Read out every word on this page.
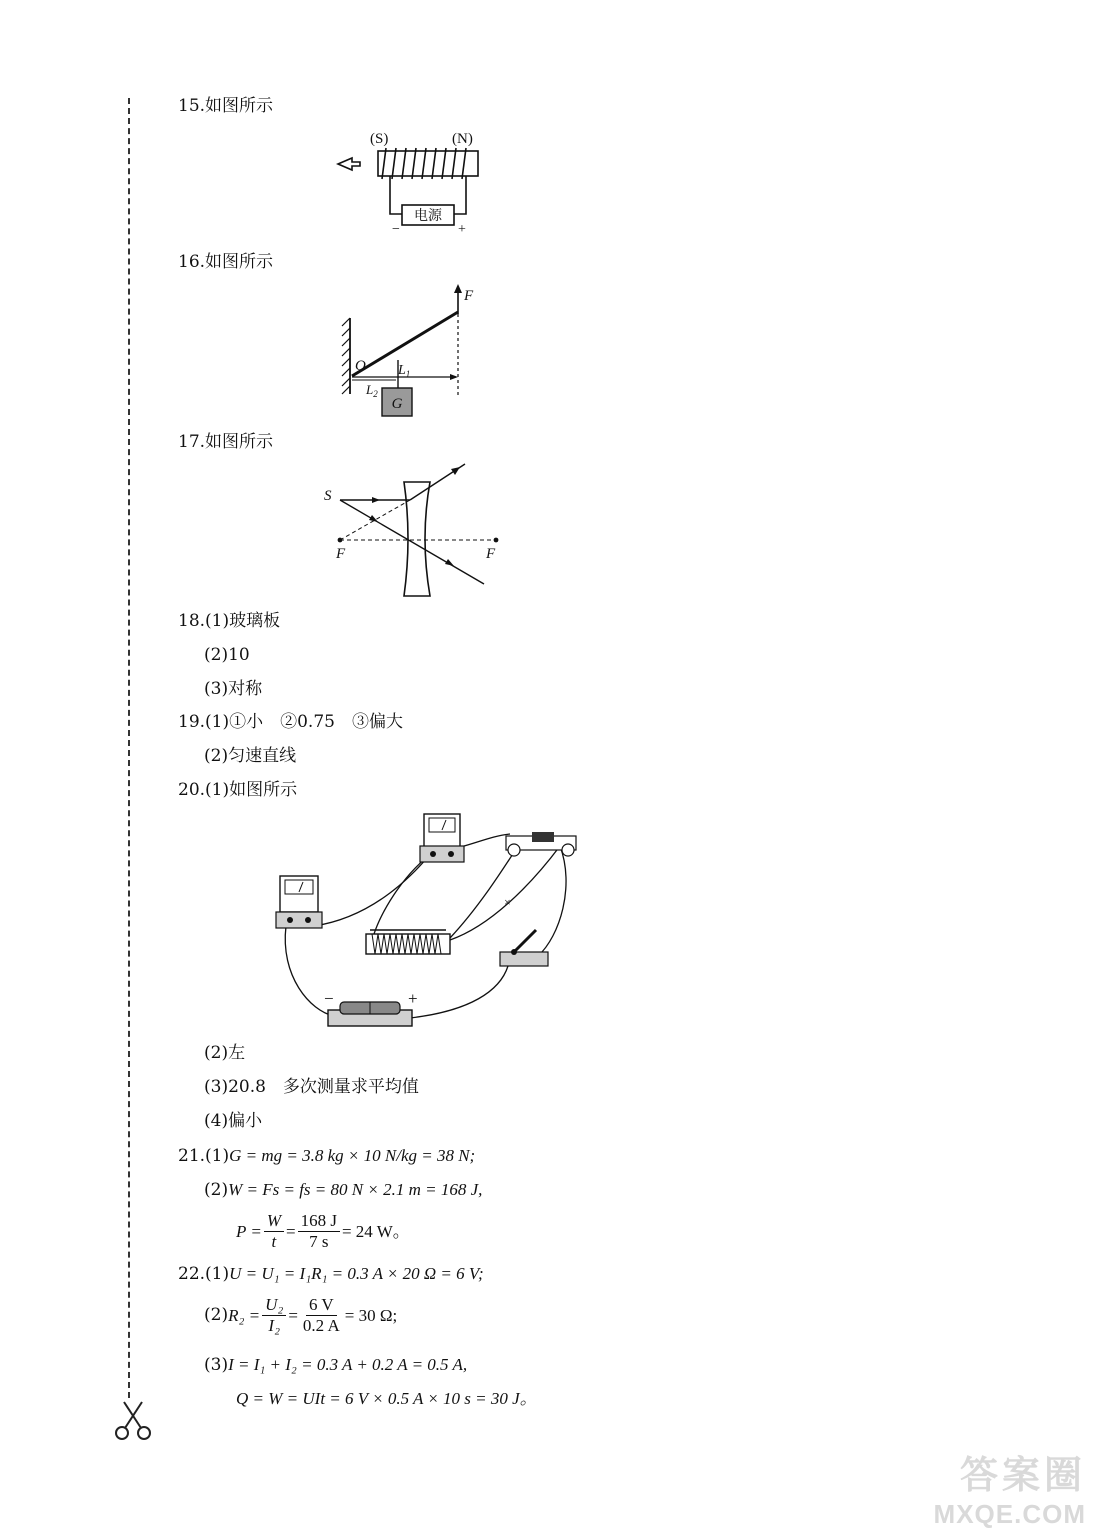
15.如图所示
(S)	(N)
电源
−	+
16.如图所示
F
O $L_1$
$L_2$
G
17.如图所示
F	F
S
18.(1)玻璃板
(2)10
(3)对称
19.(1)①小　②0.75　③偏大
(2)匀速直线
20.(1)如图所示
×
−	+
(2)左
(3)20.8　多次测量求平均值
(4)偏小
21.(1)G = mg = 3.8 kg × 10 N/kg = 38 N;
(2)W = Fs = fs = 80 N × 2.1 m = 168 J,
$P = \frac{W}{t} = \frac{168 J}{7 s} = 24$ W。
22.(1)U = U₁ = I₁R₁ = 0.3 A × 20 Ω = 6 V;
(2) $R_2 = \frac{\text{U₂}}{\text{I₂}} = \frac{6 V}{0.2 A} = 30$ Ω;
(3)I = I₁ + I₂ = 0.3 A + 0.2 A = 0.5 A,
Q = W = UIt = 6 V × 0.5 A × 10 s = 30 J。
答案圈
MXQE.COM
